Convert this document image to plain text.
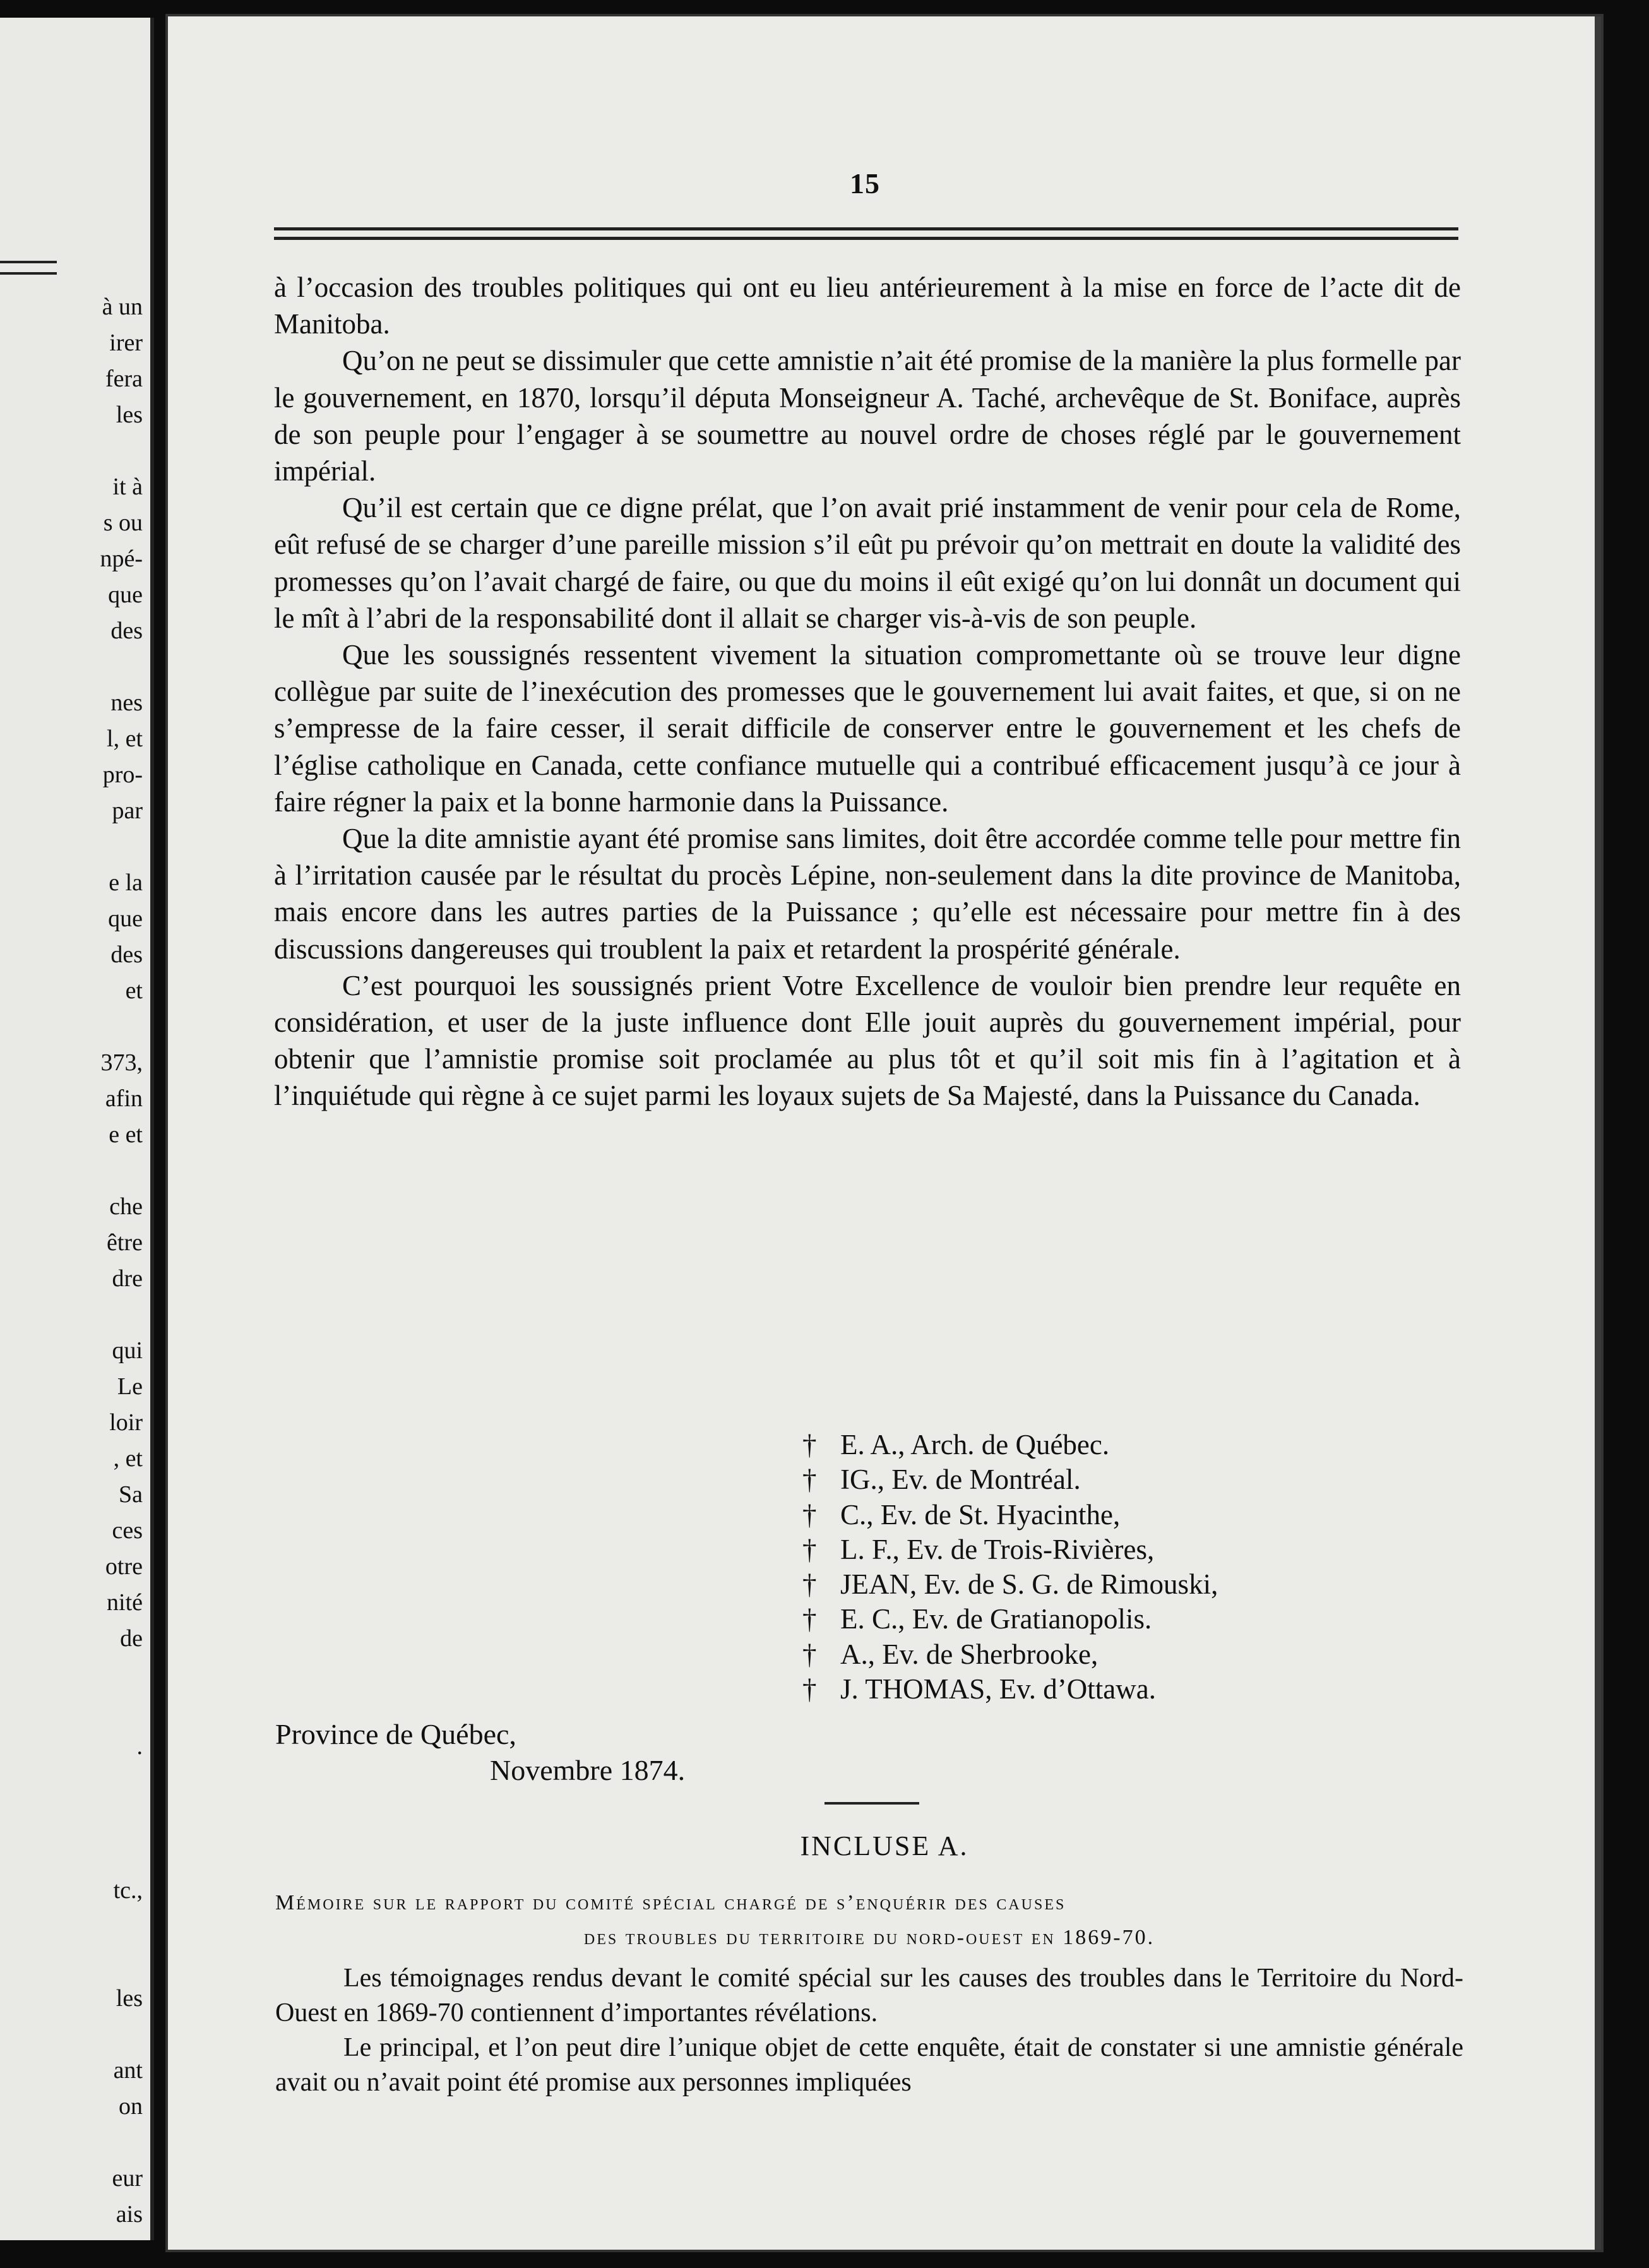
à un
irer
fera
les
it à
s ou
npé-
que
des
nes
l, et
pro-
par
e la
que
des
et
373,
afin
e et
che
être
dre
qui
Le
loir
, et
Sa
ces
otre
nité
de
.
tc.,
les
ant
on
eur
ais
15

à l’occasion des troubles politiques qui ont eu lieu antérieurement à la mise en force de l’acte dit de Manitoba.

Qu’on ne peut se dissimuler que cette amnistie n’ait été promise de la manière la plus formelle par le gouvernement, en 1870, lorsqu’il députa Monseigneur A. Taché, archevêque de St. Boniface, auprès de son peuple pour l’engager à se soumettre au nouvel ordre de choses réglé par le gouvernement impérial.

Qu’il est certain que ce digne prélat, que l’on avait prié instamment de venir pour cela de Rome, eût refusé de se charger d’une pareille mission s’il eût pu prévoir qu’on mettrait en doute la validité des promesses qu’on l’avait chargé de faire, ou que du moins il eût exigé qu’on lui donnât un document qui le mît à l’abri de la responsabilité dont il allait se charger vis-à-vis de son peuple.

Que les soussignés ressentent vivement la situation compromettante où se trouve leur digne collègue par suite de l’inexécution des promesses que le gouvernement lui avait faites, et que, si on ne s’empresse de la faire cesser, il serait difficile de conserver entre le gouvernement et les chefs de l’église catholique en Canada, cette confiance mutuelle qui a contribué efficacement jusqu’à ce jour à faire régner la paix et la bonne harmonie dans la Puissance.

Que la dite amnistie ayant été promise sans limites, doit être accordée comme telle pour mettre fin à l’irritation causée par le résultat du procès Lépine, non-seulement dans la dite province de Manitoba, mais encore dans les autres parties de la Puissance ; qu’elle est nécessaire pour mettre fin à des discussions dangereuses qui troublent la paix et retardent la prospérité générale.

C’est pourquoi les soussignés prient Votre Excellence de vouloir bien prendre leur requête en considération, et user de la juste influence dont Elle jouit auprès du gouvernement impérial, pour obtenir que l’amnistie promise soit proclamée au plus tôt et qu’il soit mis fin à l’agitation et à l’inquiétude qui règne à ce sujet parmi les loyaux sujets de Sa Majesté, dans la Puissance du Canada.

† E. A., Arch. de Québec.
† IG., Ev. de Montréal.
† C., Ev. de St. Hyacinthe,
† L. F., Ev. de Trois-Rivières,
† JEAN, Ev. de S. G. de Rimouski,
† E. C., Ev. de Gratianopolis.
† A., Ev. de Sherbrooke,
† J. THOMAS, Ev. d’Ottawa.
Province de Québec,
Novembre 1874.
INCLUSE A.
Mémoire sur le rapport du comité spécial chargé de s’enquérir des causes
des troubles du territoire du nord-ouest en 1869-70.

Les témoignages rendus devant le comité spécial sur les causes des troubles dans le Territoire du Nord-Ouest en 1869-70 contiennent d’importantes révélations.

Le principal, et l’on peut dire l’unique objet de cette enquête, était de constater si une amnistie générale avait ou n’avait point été promise aux personnes impliquées
